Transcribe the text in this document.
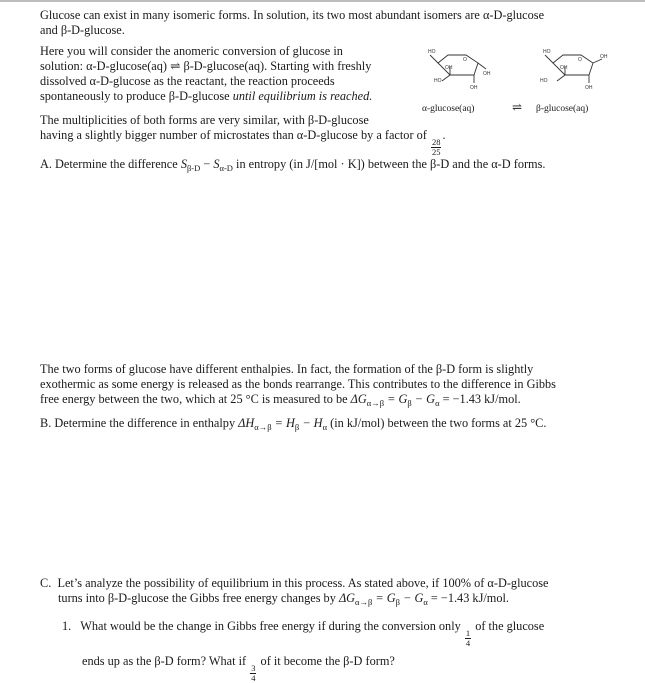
Glucose can exist in many isomeric forms. In solution, its two most abundant isomers are α-D-glucose
and β-D-glucose.
Here you will consider the anomeric conversion of glucose in
solution: α-D-glucose(aq) ⇌ β-D-glucose(aq). Starting with freshly
dissolved α-D-glucose as the reactant, the reaction proceeds
spontaneously to produce β-D-glucose until equilibrium is reached.
HO
O
HO
OH
OH
OH
HO
O
HO
OH
OH
OH
α-glucose(aq)	⇌ β-glucose(aq)
The multiplicities of both forms are very similar, with β-D-glucose
having a slightly bigger number of microstates than α-D-glucose by a factor of
$\frac{28}{25}$
.
A. Determine the difference $S_{\beta-D} - S_{\alpha-D}$ in entropy (in J/[mol · K]) between the β-D and the α-D forms.
The two forms of glucose have different enthalpies. In fact, the formation of the β-D form is slightly
exothermic as some energy is released as the bonds rearrange. This contributes to the difference in Gibbs
free energy between the two, which at 25 °C is measured to be $\Delta G_{\alpha\to\beta} = G_\beta - G_\alpha = -1.43$ kJ/mol.
B. Determine the difference in enthalpy $\Delta H_{\alpha\to\beta} = H_\beta - H_\alpha$ (in kJ/mol) between the two forms at 25 °C.
C. Let’s analyze the possibility of equilibrium in this process. As stated above, if 100% of α-D-glucose
turns into β-D-glucose the Gibbs free energy changes by $\Delta G_{\alpha\to\beta} = G_\beta - G_\alpha = -1.43$ kJ/mol.
1. What would be the change in Gibbs free energy if during the conversion only
$\frac{1}{4}$
of the glucose
ends up as the β-D form? What if
$\frac{3}{4}$
of it become the β-D form?
